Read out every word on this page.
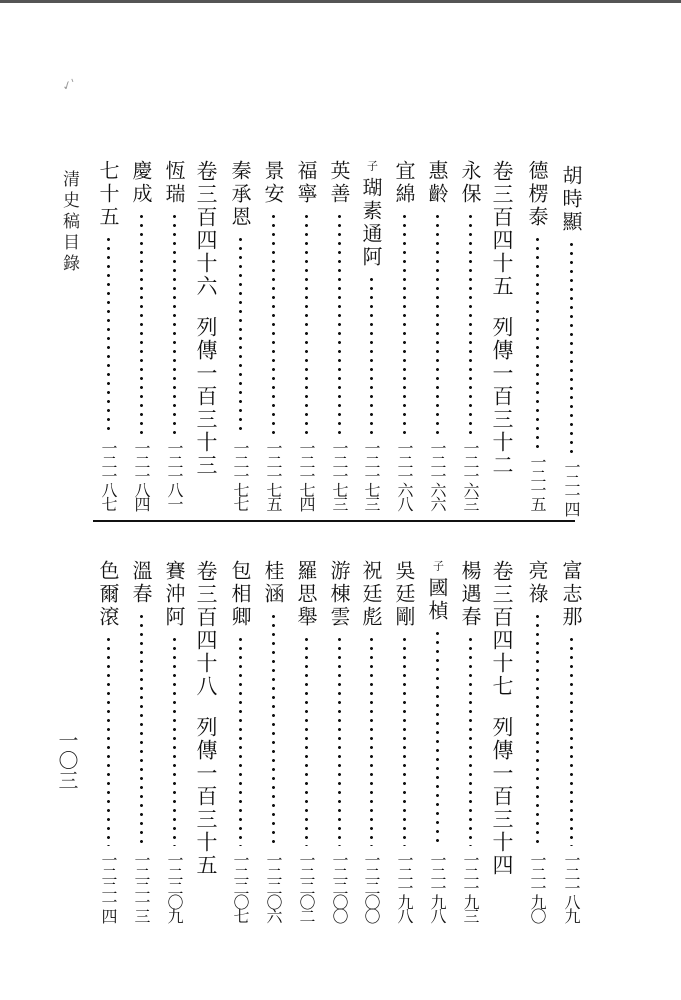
✓'
清史稿目錄
一〇三
胡時顯
一二一四
德楞泰
一二一五
卷三百四十五列傳一百三十二
永保
一二一六三
惠齡
一二一六六
宜綿
一二一六八
子
瑚素通阿
一二一七三
英善
一二一七三
福寧
一二一七四
景安
一二一七五
秦承恩
一二一七七
卷三百四十六列傳一百三十三
恆瑞
一二一八一
慶成
一二一八四
七十五
一二一八七
富志那
一二一八九
亮祿
一二一九〇
卷三百四十七列傳一百三十四
楊遇春
一二一九三
子
國楨
一二一九八
吳廷剛
一二一九八
祝廷彪
一二二〇〇
游棟雲
一二二〇〇
羅思舉
一二二〇二
桂涵
一二二〇六
包相卿
一二二〇七
卷三百四十八列傳一百三十五
賽沖阿
一二二〇九
溫春
一二二一三
色爾滾
一二二一四
